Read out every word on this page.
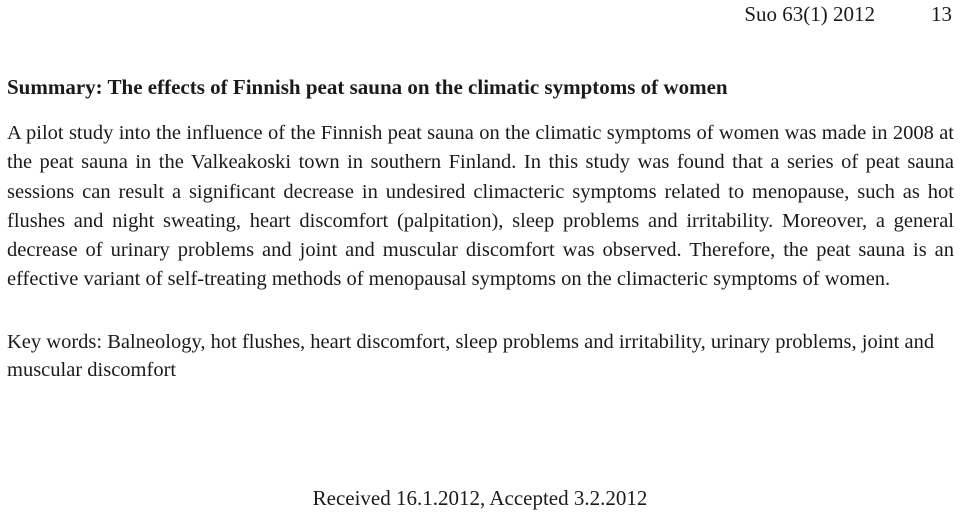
Suo 63(1) 2012	13
Summary: The effects of Finnish peat sauna on the climatic symptoms of women
A pilot study into the influence of the Finnish peat sauna on the climatic symptoms of women was made in 2008 at the peat sauna in the Valkeakoski town in southern Finland. In this study was found that a series of peat sauna sessions can result a significant decrease in undesired climacteric symptoms related to menopause, such as hot flushes and night sweating, heart discomfort (palpitation), sleep problems and irritability. Moreover, a general decrease of urinary problems and joint and muscular discomfort was observed. Therefore, the peat sauna is an effective variant of self-treating methods of menopausal symptoms on the climacteric symptoms of women.
Key words: Balneology, hot flushes, heart discomfort, sleep problems and irritability, urinary problems, joint and muscular discomfort
Received 16.1.2012, Accepted 3.2.2012
